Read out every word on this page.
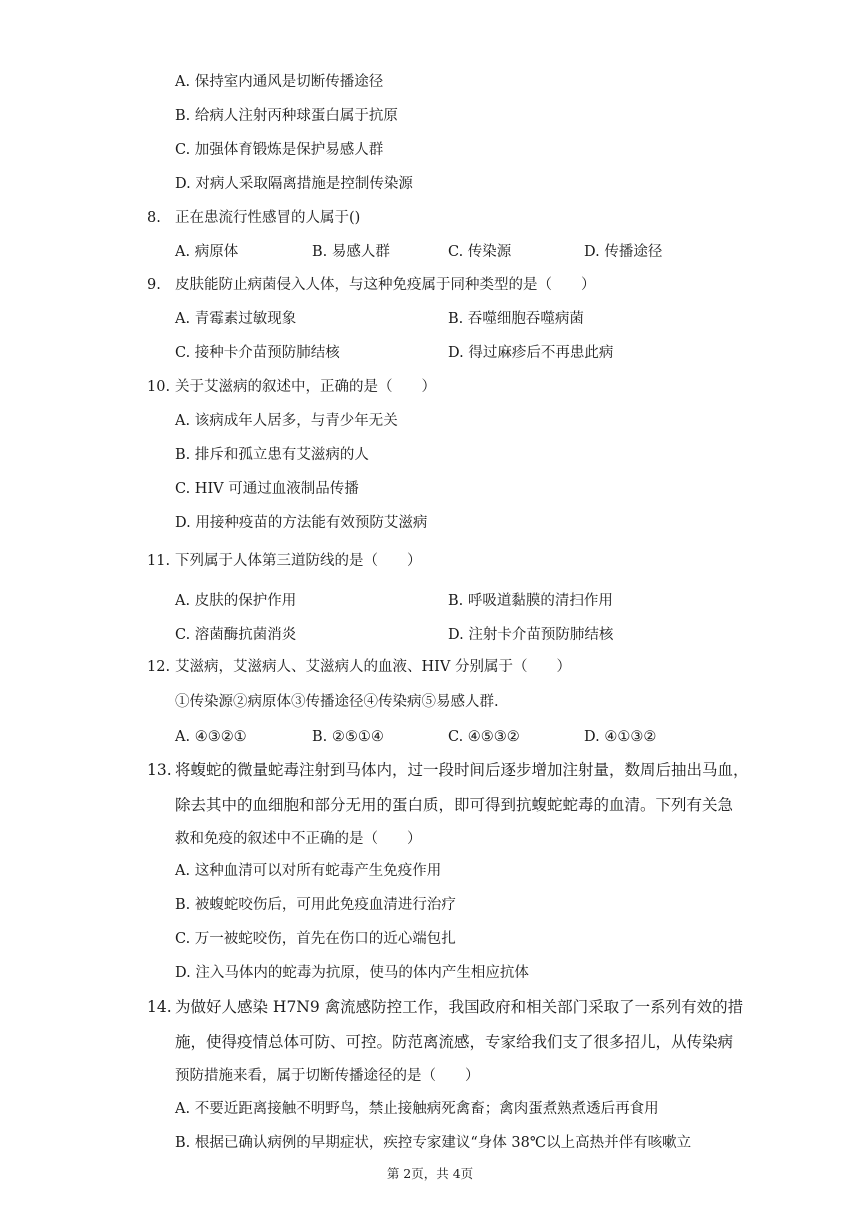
A. 保持室内通风是切断传播途径
B. 给病人注射丙种球蛋白属于抗原
C. 加强体育锻炼是保护易感人群
D. 对病人采取隔离措施是控制传染源
8. 正在患流行性感冒的人属于()
A. 病原体	B. 易感人群	C. 传染源	D. 传播途径
9. 皮肤能防止病菌侵入人体，与这种免疫属于同种类型的是（　　）
A. 青霉素过敏现象	B. 吞噬细胞吞噬病菌
C. 接种卡介苗预防肺结核	D. 得过麻疹后不再患此病
10. 关于艾滋病的叙述中，正确的是（　　）
A. 该病成年人居多，与青少年无关
B. 排斥和孤立患有艾滋病的人
C. HIV 可通过血液制品传播
D. 用接种疫苗的方法能有效预防艾滋病
11. 下列属于人体第三道防线的是（　　）
A. 皮肤的保护作用	B. 呼吸道黏膜的清扫作用
C. 溶菌酶抗菌消炎	D. 注射卡介苗预防肺结核
12. 艾滋病，艾滋病人、艾滋病人的血液、HIV 分别属于（　　）
①传染源②病原体③传播途径④传染病⑤易感人群.
A. ④③②①	B. ②⑤①④	C. ④⑤③②	D. ④①③②
13. 将蝮蛇的微量蛇毒注射到马体内，过一段时间后逐步增加注射量，数周后抽出马血，
除去其中的血细胞和部分无用的蛋白质，即可得到抗蝮蛇蛇毒的血清。下列有关急
救和免疫的叙述中不正确的是（　　）
A. 这种血清可以对所有蛇毒产生免疫作用
B. 被蝮蛇咬伤后，可用此免疫血清进行治疗
C. 万一被蛇咬伤，首先在伤口的近心端包扎
D. 注入马体内的蛇毒为抗原，使马的体内产生相应抗体
14. 为做好人感染 H7N9 禽流感防控工作，我国政府和相关部门采取了一系列有效的措
施，使得疫情总体可防、可控。防范离流感，专家给我们支了很多招儿，从传染病
预防措施来看，属于切断传播途径的是（　　）
A. 不要近距离接触不明野鸟，禁止接触病死禽畜；禽肉蛋煮熟煮透后再食用
B. 根据已确认病例的早期症状，疾控专家建议“身体 38℃以上高热并伴有咳嗽立
第 2页，共 4页
